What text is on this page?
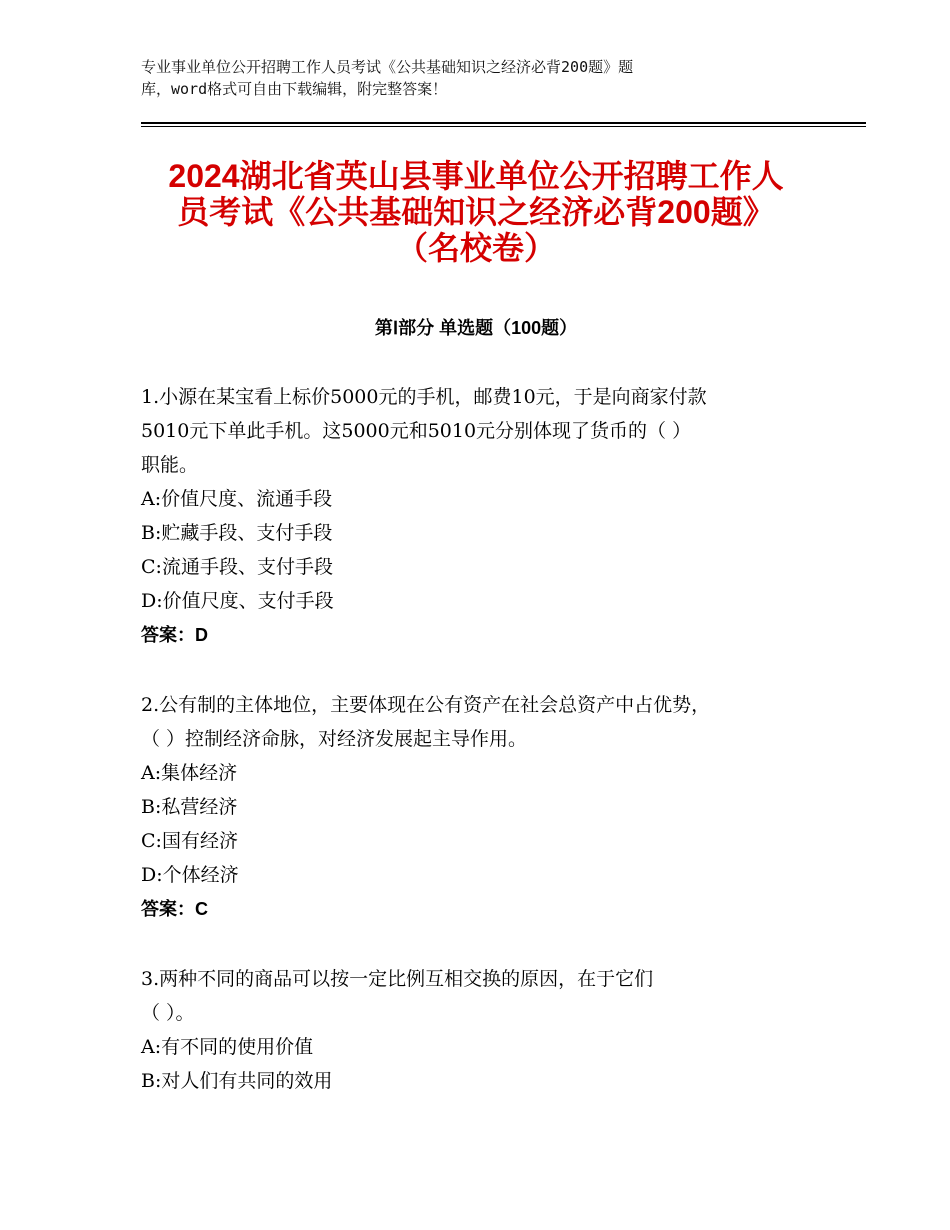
专业事业单位公开招聘工作人员考试《公共基础知识之经济必背200题》题
库，word格式可自由下载编辑，附完整答案！
2024湖北省英山县事业单位公开招聘工作人
员考试《公共基础知识之经济必背200题》
（名校卷）
第Ⅰ部分 单选题（100题）
1.小源在某宝看上标价5000元的手机，邮费10元，于是向商家付款
5010元下单此手机。这5000元和5010元分别体现了货币的（ ）
职能。
A:价值尺度、流通手段
B:贮藏手段、支付手段
C:流通手段、支付手段
D:价值尺度、支付手段
答案：D
2.公有制的主体地位，主要体现在公有资产在社会总资产中占优势，
（ ）控制经济命脉，对经济发展起主导作用。
A:集体经济
B:私营经济
C:国有经济
D:个体经济
答案：C
3.两种不同的商品可以按一定比例互相交换的原因，在于它们
（ ）。
A:有不同的使用价值
B:对人们有共同的效用
